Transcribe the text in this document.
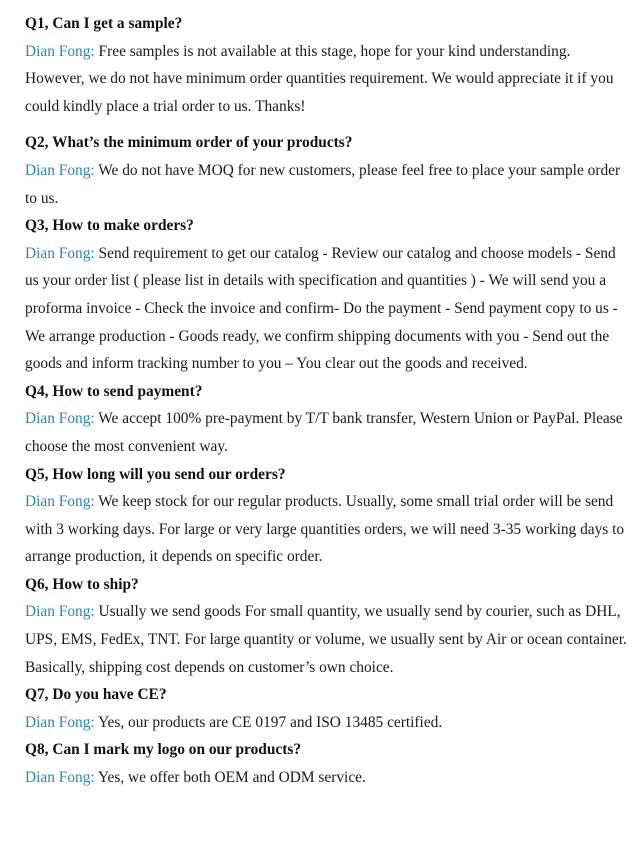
Q1, Can I get a sample?

Dian Fong: Free samples is not available at this stage, hope for your kind understanding. However, we do not have minimum order quantities requirement. We would appreciate it if you could kindly place a trial order to us. Thanks!

Q2, What’s the minimum order of your products?

Dian Fong: We do not have MOQ for new customers, please feel free to place your sample order to us.

Q3, How to make orders?

Dian Fong: Send requirement to get our catalog - Review our catalog and choose models - Send us your order list ( please list in details with specification and quantities ) - We will send you a proforma invoice - Check the invoice and confirm- Do the payment - Send payment copy to us - We arrange production - Goods ready, we confirm shipping documents with you - Send out the goods and inform tracking number to you – You clear out the goods and received.

Q4, How to send payment?

Dian Fong: We accept 100% pre-payment by T/T bank transfer, Western Union or PayPal. Please choose the most convenient way.

Q5, How long will you send our orders?

Dian Fong: We keep stock for our regular products. Usually, some small trial order will be send with 3 working days. For large or very large quantities orders, we will need 3-35 working days to arrange production, it depends on specific order.

Q6, How to ship?

Dian Fong: Usually we send goods For small quantity, we usually send by courier, such as DHL, UPS, EMS, FedEx, TNT. For large quantity or volume, we usually sent by Air or ocean container. Basically, shipping cost depends on customer’s own choice.

Q7, Do you have CE?

Dian Fong: Yes, our products are CE 0197 and ISO 13485 certified.

Q8, Can I mark my logo on our products?

Dian Fong: Yes, we offer both OEM and ODM service.
